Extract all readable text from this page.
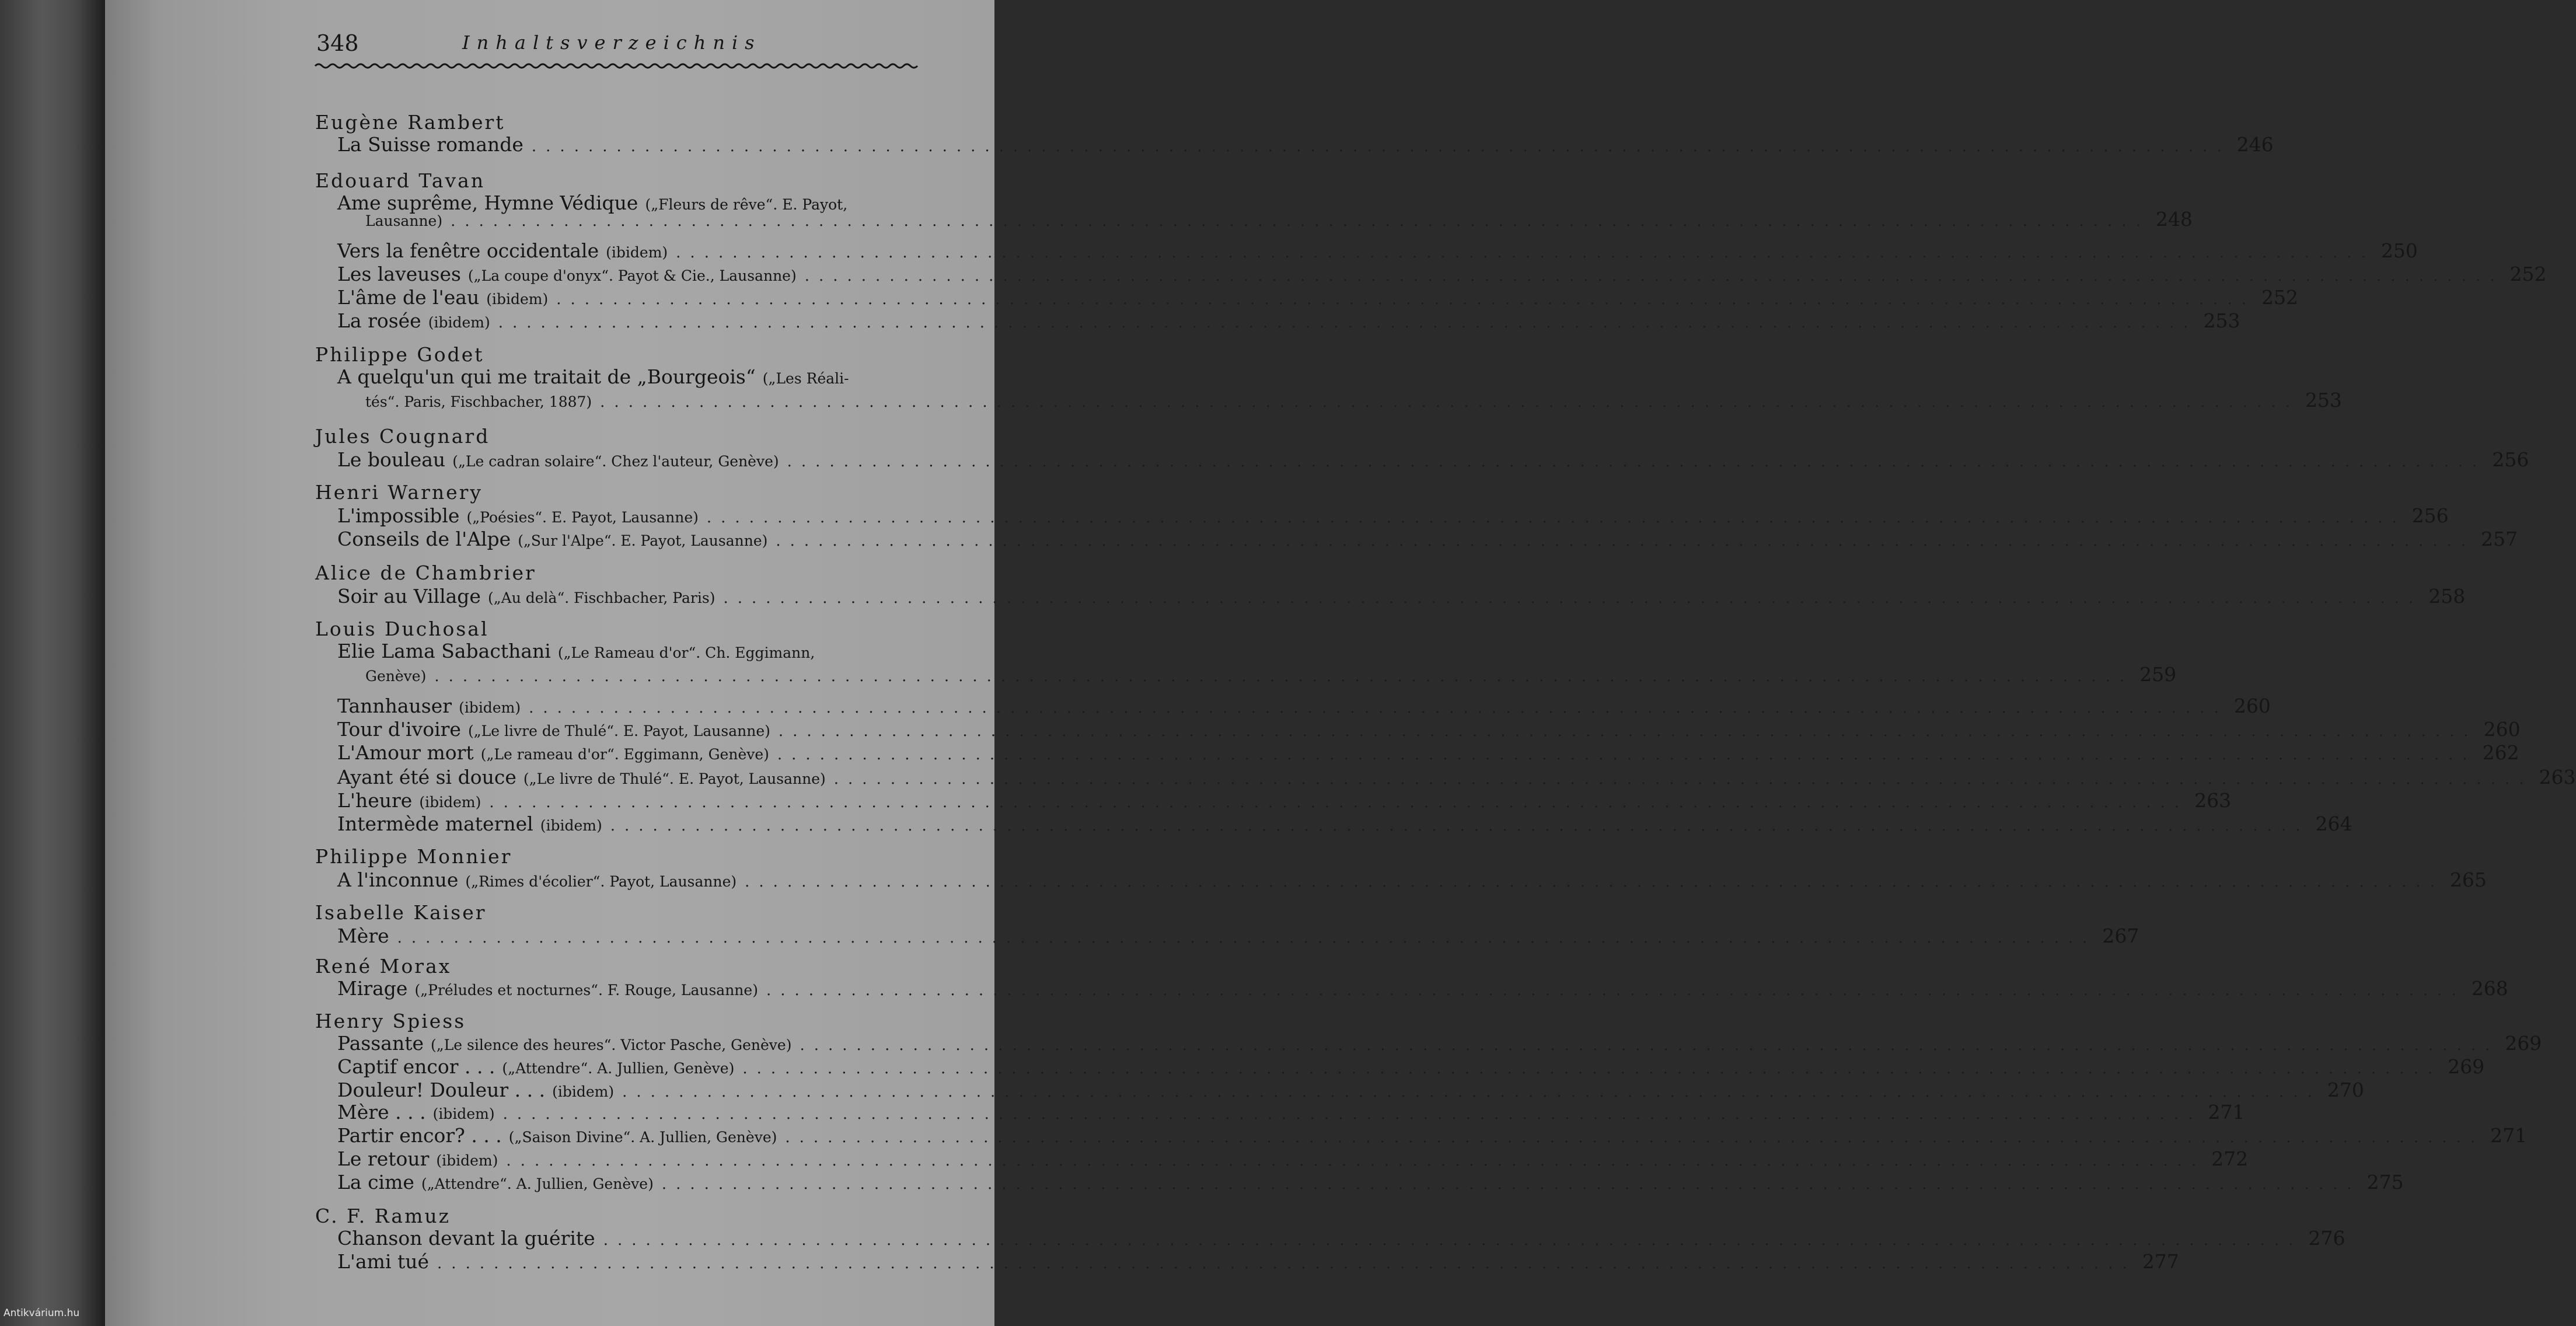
348	Inhaltsverzeichnis
Eugène Rambert
La Suisse romande ........................................................................................................................ 246
Edouard Tavan
Ame suprême, Hymne Védique („Fleurs de rêve“. E. Payot,
Lausanne) ........................................................................................................................ 248
Vers la fenêtre occidentale (ibidem) ........................................................................................................................ 250
Les laveuses („La coupe d'onyx“. Payot & Cie., Lausanne) ........................................................................................................................ 252
L'âme de l'eau (ibidem) ........................................................................................................................ 252
La rosée (ibidem) ........................................................................................................................ 253
Philippe Godet
A quelqu'un qui me traitait de „Bourgeois“ („Les Réali-
tés“. Paris, Fischbacher, 1887) ........................................................................................................................ 253
Jules Cougnard
Le bouleau („Le cadran solaire“. Chez l'auteur, Genève) ........................................................................................................................ 256
Henri Warnery
L'impossible („Poésies“. E. Payot, Lausanne) ........................................................................................................................ 256
Conseils de l'Alpe („Sur l'Alpe“. E. Payot, Lausanne) ........................................................................................................................ 257
Alice de Chambrier
Soir au Village („Au delà“. Fischbacher, Paris) ........................................................................................................................ 258
Louis Duchosal
Elie Lama Sabacthani („Le Rameau d'or“. Ch. Eggimann,
Genève) ........................................................................................................................ 259
Tannhauser (ibidem) ........................................................................................................................ 260
Tour d'ivoire („Le livre de Thulé“. E. Payot, Lausanne) ........................................................................................................................ 260
L'Amour mort („Le rameau d'or“. Eggimann, Genève) ........................................................................................................................ 262
Ayant été si douce („Le livre de Thulé“. E. Payot, Lausanne) ........................................................................................................................ 263
L'heure (ibidem) ........................................................................................................................ 263
Intermède maternel (ibidem) ........................................................................................................................ 264
Philippe Monnier
A l'inconnue („Rimes d'écolier“. Payot, Lausanne) ........................................................................................................................ 265
Isabelle Kaiser
Mère ........................................................................................................................ 267
René Morax
Mirage („Préludes et nocturnes“. F. Rouge, Lausanne) ........................................................................................................................ 268
Henry Spiess
Passante („Le silence des heures“. Victor Pasche, Genève) ........................................................................................................................ 269
Captif encor . . . („Attendre“. A. Jullien, Genève) ........................................................................................................................ 269
Douleur! Douleur . . . (ibidem) ........................................................................................................................ 270
Mère . . . (ibidem) ........................................................................................................................ 271
Partir encor? . . . („Saison Divine“. A. Jullien, Genève) ........................................................................................................................ 271
Le retour (ibidem) ........................................................................................................................ 272
La cime („Attendre“. A. Jullien, Genève) ........................................................................................................................ 275
C. F. Ramuz
Chanson devant la guérite ........................................................................................................................ 276
L'ami tué ........................................................................................................................ 277
Antikvárium.hu
